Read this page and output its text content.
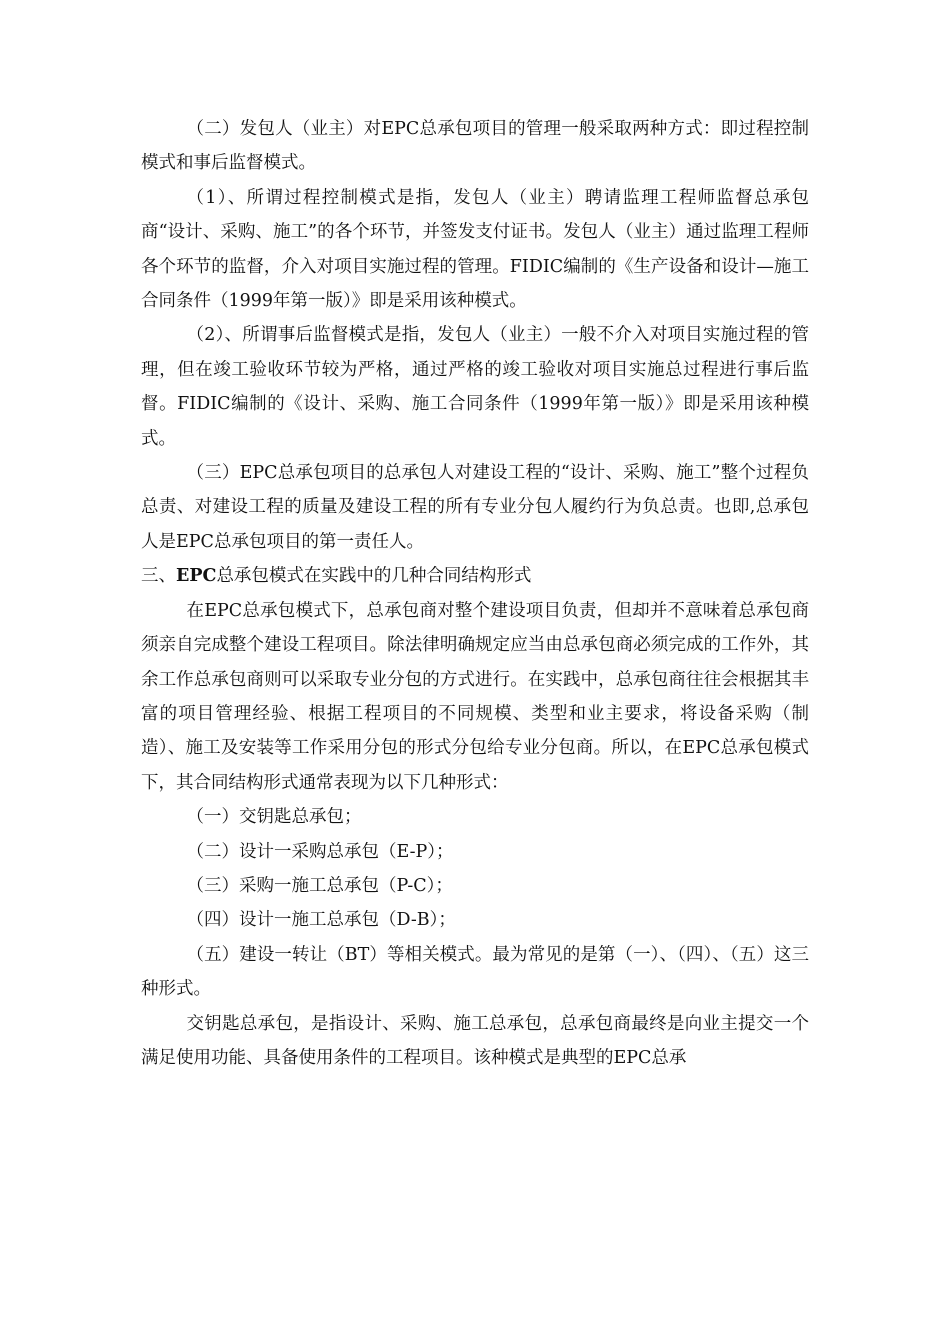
（二）发包人（业主）对EPC总承包项目的管理一般采取两种方式：即过程控制模式和事后监督模式。

（1）、所谓过程控制模式是指，发包人（业主）聘请监理工程师监督总承包商“设计、采购、施工”的各个环节，并签发支付证书。发包人（业主）通过监理工程师各个环节的监督，介入对项目实施过程的管理。FIDIC编制的《生产设备和设计—施工合同条件（1999年第一版）》即是采用该种模式。

（2）、所谓事后监督模式是指，发包人（业主）一般不介入对项目实施过程的管理，但在竣工验收环节较为严格，通过严格的竣工验收对项目实施总过程进行事后监督。FIDIC编制的《设计、采购、施工合同条件（1999年第一版）》即是采用该种模式。

（三）EPC总承包项目的总承包人对建设工程的“设计、采购、施工”整个过程负总责、对建设工程的质量及建设工程的所有专业分包人履约行为负总责。也即,总承包人是EPC总承包项目的第一责任人。

三、EPC总承包模式在实践中的几种合同结构形式

在EPC总承包模式下，总承包商对整个建设项目负责，但却并不意味着总承包商须亲自完成整个建设工程项目。除法律明确规定应当由总承包商必须完成的工作外，其余工作总承包商则可以采取专业分包的方式进行。在实践中，总承包商往往会根据其丰富的项目管理经验、根据工程项目的不同规模、类型和业主要求，将设备采购（制造）、施工及安装等工作采用分包的形式分包给专业分包商。所以，在EPC总承包模式下，其合同结构形式通常表现为以下几种形式：

（一）交钥匙总承包；

（二）设计一采购总承包（E-P）；

（三）采购一施工总承包（P-C）；

（四）设计一施工总承包（D-B）；

（五）建设一转让（BT）等相关模式。最为常见的是第（一）、（四）、（五）这三种形式。

交钥匙总承包，是指设计、采购、施工总承包，总承包商最终是向业主提交一个满足使用功能、具备使用条件的工程项目。该种模式是典型的EPC总承
